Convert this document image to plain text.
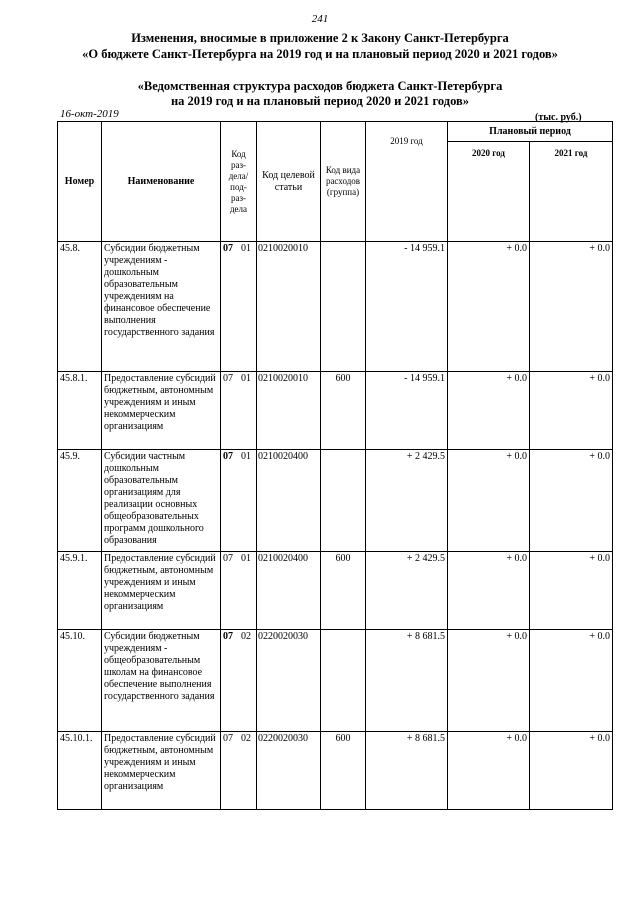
241
Изменения, вносимые в приложение 2 к Закону Санкт-Петербурга
«О бюджете Санкт-Петербурга на 2019 год и на плановый период 2020 и 2021 годов»
«Ведомственная структура расходов бюджета Санкт-Петербурга
на 2019 год и на плановый период 2020 и 2021 годов»
16-окт-2019	(тыс. руб.)
Номер	Наименование	Код раз-дела/ под-раз-дела	Код целевой статьи	Код вида расходов (группа)	2019 год	Плановый период	
						2020 год	2021 год
45.8.	Субсидии бюджетным учреждениям - дошкольным образовательным учреждениям на финансовое обеспечение выполнения государственного задания	07 01	0210020010		- 14 959.1	+ 0.0	+ 0.0
45.8.1.	Предоставление субсидий бюджетным, автономным учреждениям и иным некоммерческим организациям	07 01	0210020010	600	- 14 959.1	+ 0.0	+ 0.0
45.9.	Субсидии частным дошкольным образовательным организациям для реализации основных общеобразовательных программ дошкольного образования	07 01	0210020400		+ 2 429.5	+ 0.0	+ 0.0
45.9.1.	Предоставление субсидий бюджетным, автономным учреждениям и иным некоммерческим организациям	07 01	0210020400	600	+ 2 429.5	+ 0.0	+ 0.0
45.10.	Субсидии бюджетным учреждениям - общеобразовательным школам на финансовое обеспечение выполнения государственного задания	07 02	0220020030		+ 8 681.5	+ 0.0	+ 0.0
45.10.1.	Предоставление субсидий бюджетным, автономным учреждениям и иным некоммерческим организациям	07 02	0220020030	600	+ 8 681.5	+ 0.0	+ 0.0
